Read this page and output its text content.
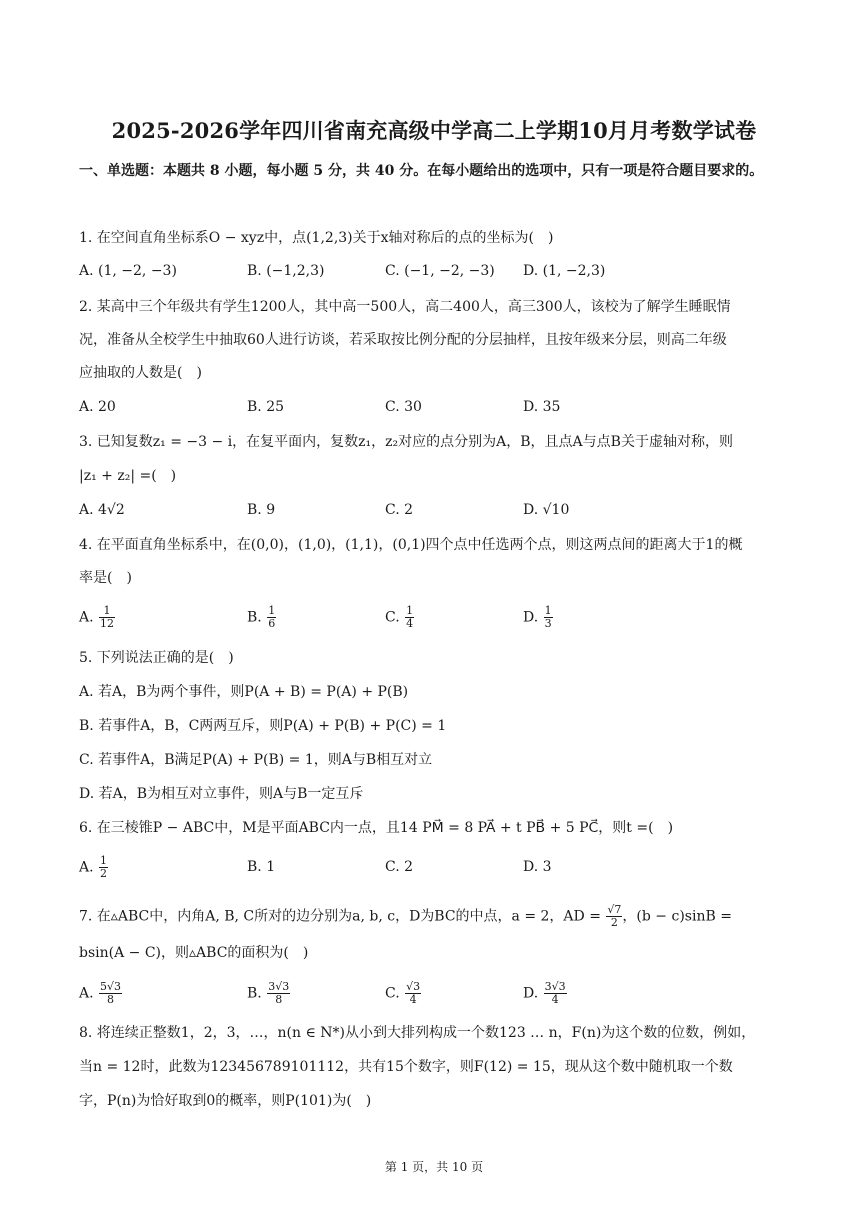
2025-2026学年四川省南充高级中学高二上学期10月月考数学试卷
一、单选题：本题共 8 小题，每小题 5 分，共 40 分。在每小题给出的选项中，只有一项是符合题目要求的。
1. 在空间直角坐标系O − xyz中，点(1,2,3)关于x轴对称后的点的坐标为(　)
A. (1, −2, −3)	B. (−1,2,3)	C. (−1, −2, −3) D. (1, −2,3)
2. 某高中三个年级共有学生1200人，其中高一500人，高二400人，高三300人，该校为了解学生睡眠情
况，准备从全校学生中抽取60人进行访谈，若采取按比例分配的分层抽样，且按年级来分层，则高二年级
应抽取的人数是(　)
A. 20	B. 25	C. 30	D. 35
3. 已知复数z₁ = −3 − i，在复平面内，复数z₁，z₂对应的点分别为A，B，且点A与点B关于虚轴对称，则
|z₁ + z₂| =(　)
A. 4√2	B. 9	C. 2	D. √10
4. 在平面直角坐标系中，在(0,0)，(1,0)，(1,1)，(0,1)四个点中任选两个点，则这两点间的距离大于1的概
率是(　)
A. $\frac{1}{12}$	B. $\frac{1}{6}$	C. $\frac{1}{4}$	D. $\frac{1}{3}$
5. 下列说法正确的是(　)
A. 若A，B为两个事件，则P(A + B) = P(A) + P(B)
B. 若事件A，B，C两两互斥，则P(A) + P(B) + P(C) = 1
C. 若事件A，B满足P(A) + P(B) = 1，则A与B相互对立
D. 若A，B为相互对立事件，则A与B一定互斥
6. 在三棱锥P − ABC中，M是平面ABC内一点，且14 PM⃗ = 8 PA⃗ + t PB⃗ + 5 PC⃗，则t =(　)
A. $\frac{1}{2}$	B. 1	C. 2	D. 3
7. 在▵ABC中，内角A, B, C所对的边分别为a, b, c，D为BC的中点，a = 2，AD = $\frac{√7}{2}$ ，(b − c)sinB =
bsin(A − C)，则▵ABC的面积为(　)
A. $\frac{5√3}{8}$	B. $\frac{3√3}{8}$	C. $\frac{√3}{4}$	D. $\frac{3√3}{4}$
8. 将连续正整数1，2，3，…，n(n ∈ N*)从小到大排列构成一个数123 … n，F(n)为这个数的位数，例如，
当n = 12时，此数为123456789101112，共有15个数字，则F(12) = 15，现从这个数中随机取一个数
字，P(n)为恰好取到0的概率，则P(101)为(　)
第 1 页，共 10 页
